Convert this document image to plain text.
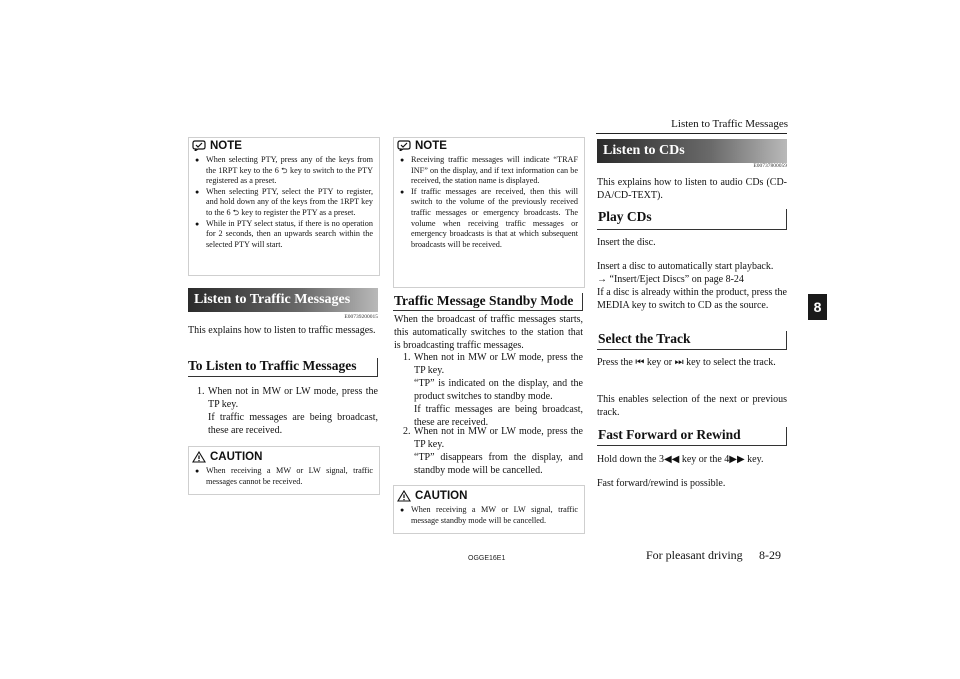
Listen to Traffic Messages
8
NOTE
● When selecting PTY, press any of the keys from the 1RPT key to the 6 ⮌ key to switch to the PTY registered as a preset.
● When selecting PTY, select the PTY to register, and hold down any of the keys from the 1RPT key to the 6 ⮌ key to register the PTY as a preset.
● While in PTY select status, if there is no operation for 2 seconds, then an upwards search within the selected PTY will start.
Listen to Traffic Messages
E00739200015
This explains how to listen to traffic messages.
To Listen to Traffic Messages
1. When not in MW or LW mode, press the TP key.
If traffic messages are being broadcast, these are received.
CAUTION
● When receiving a MW or LW signal, traffic messages cannot be received.
NOTE
● Receiving traffic messages will indicate “TRAF INF” on the display, and if text information can be received, the station name is displayed.
● If traffic messages are received, then this will switch to the volume of the previously received traffic messages or emergency broadcasts. The volume when receiving traffic messages or emergency broadcasts is that at which subsequent broadcasts will be received.
Traffic Message Standby Mode
When the broadcast of traffic messages starts, this automatically switches to the station that is broadcasting traffic messages.
1. When not in MW or LW mode, press the TP key.
“TP” is indicated on the display, and the product switches to standby mode.
If traffic messages are being broadcast, these are received.
2. When not in MW or LW mode, press the TP key.
“TP” disappears from the display, and standby mode will be cancelled.
CAUTION
● When receiving a MW or LW signal, traffic message standby mode will be cancelled.
Listen to CDs
E00737800059
This explains how to listen to audio CDs (CD-DA/CD-TEXT).
Play CDs
Insert the disc.
Insert a disc to automatically start playback.
→ “Insert/Eject Discs” on page 8-24
If a disc is already within the product, press the MEDIA key to switch to CD as the source.
Select the Track
Press the ⏮ key or ⏭ key to select the track.
This enables selection of the next or previous track.
Fast Forward or Rewind
Hold down the 3◀◀ key or the 4▶▶ key.
Fast forward/rewind is possible.
OGGE16E1	For pleasant driving 8-29
